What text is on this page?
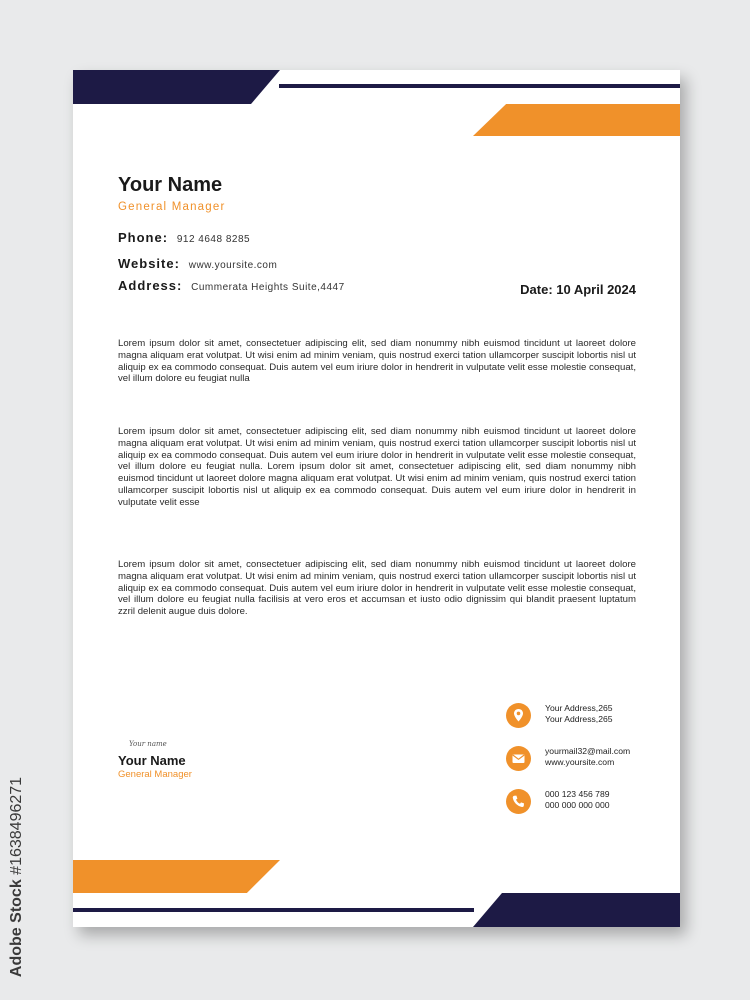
Your Name
General Manager
Phone: 912 4648 8285
Website: www.yoursite.com
Address: Cummerata Heights Suite,4447	Date: 10 April 2024

Lorem ipsum dolor sit amet, consectetuer adipiscing elit, sed diam nonummy nibh euismod tincidunt ut laoreet dolore magna aliquam erat volutpat. Ut wisi enim ad minim veniam, quis nostrud exerci tation ullamcorper suscipit lobortis nisl ut aliquip ex ea commodo consequat. Duis autem vel eum iriure dolor in hendrerit in vulputate velit esse molestie consequat, vel illum dolore eu feugiat nulla

Lorem ipsum dolor sit amet, consectetuer adipiscing elit, sed diam nonummy nibh euismod tincidunt ut laoreet dolore magna aliquam erat volutpat. Ut wisi enim ad minim veniam, quis nostrud exerci tation ullamcorper suscipit lobortis nisl ut aliquip ex ea commodo consequat. Duis autem vel eum iriure dolor in hendrerit in vulputate velit esse molestie consequat, vel illum dolore eu feugiat nulla. Lorem ipsum dolor sit amet, consectetuer adipiscing elit, sed diam nonummy nibh euismod tincidunt ut laoreet dolore magna aliquam erat volutpat. Ut wisi enim ad minim veniam, quis nostrud exerci tation ullamcorper suscipit lobortis nisl ut aliquip ex ea commodo consequat. Duis autem vel eum iriure dolor in hendrerit in vulputate velit esse

Lorem ipsum dolor sit amet, consectetuer adipiscing elit, sed diam nonummy nibh euismod tincidunt ut laoreet dolore magna aliquam erat volutpat. Ut wisi enim ad minim veniam, quis nostrud exerci tation ullamcorper suscipit lobortis nisl ut aliquip ex ea commodo consequat. Duis autem vel eum iriure dolor in hendrerit in vulputate velit esse molestie consequat, vel illum dolore eu feugiat nulla facilisis at vero eros et accumsan et iusto odio dignissim qui blandit praesent luptatum zzril delenit augue duis dolore.

Your name
Your Name
General Manager
Your Address,265
Your Address,265
yourmail32@mail.com
www.yoursite.com
000 123 456 789
000 000 000 000
Adobe Stock #1638496271
